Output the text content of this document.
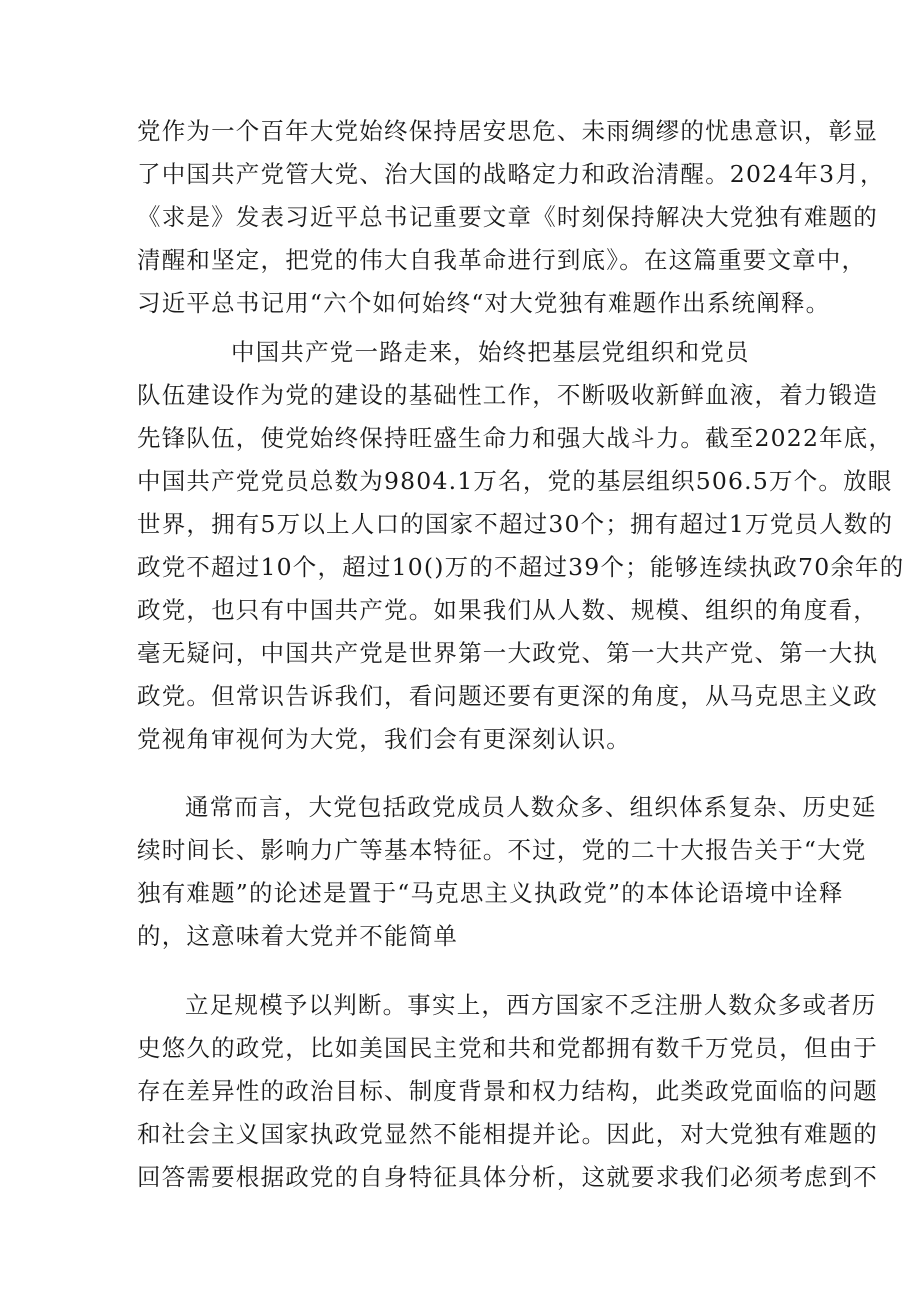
党作为一个百年大党始终保持居安思危、未雨绸缪的忧患意识，彰显
了中国共产党管大党、治大国的战略定力和政治清醒。2024年3月，
《求是》发表习近平总书记重要文章《时刻保持解决大党独有难题的
清醒和坚定，把党的伟大自我革命进行到底》。在这篇重要文章中，
习近平总书记用“六个如何始终“对大党独有难题作出系统阐释。
中国共产党一路走来，始终把基层党组织和党员
队伍建设作为党的建设的基础性工作，不断吸收新鲜血液，着力锻造
先锋队伍，使党始终保持旺盛生命力和强大战斗力。截至2022年底，
中国共产党党员总数为9804.1万名，党的基层组织506.5万个。放眼
世界，拥有5万以上人口的国家不超过30个；拥有超过1万党员人数的
政党不超过10个，超过10()万的不超过39个；能够连续执政70余年的
政党，也只有中国共产党。如果我们从人数、规模、组织的角度看，
毫无疑问，中国共产党是世界第一大政党、第一大共产党、第一大执
政党。但常识告诉我们，看问题还要有更深的角度，从马克思主义政
党视角审视何为大党，我们会有更深刻认识。
通常而言，大党包括政党成员人数众多、组织体系复杂、历史延
续时间长、影响力广等基本特征。不过，党的二十大报告关于“大党
独有难题”的论述是置于“马克思主义执政党”的本体论语境中诠释
的，这意味着大党并不能简单
立足规模予以判断。事实上，西方国家不乏注册人数众多或者历
史悠久的政党，比如美国民主党和共和党都拥有数千万党员，但由于
存在差异性的政治目标、制度背景和权力结构，此类政党面临的问题
和社会主义国家执政党显然不能相提并论。因此，对大党独有难题的
回答需要根据政党的自身特征具体分析，这就要求我们必须考虑到不
